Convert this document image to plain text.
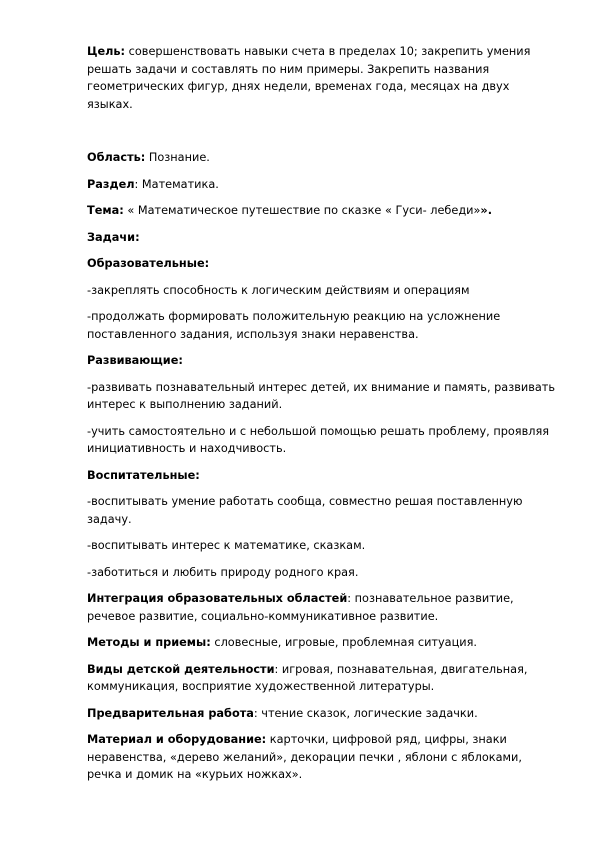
Цель: совершенствовать навыки счета в пределах 10; закрепить умения решать задачи и составлять по ним примеры. Закрепить названия геометрических фигур, днях недели, временах года, месяцах на двух языках.

Область: Познание.

Раздел: Математика.

Тема: « Математическое путешествие по сказке « Гуси- лебеди»».

Задачи:

Образовательные:

-закреплять способность к логическим действиям и операциям

-продолжать формировать положительную реакцию на усложнение поставленного задания, используя знаки неравенства.

Развивающие:

-развивать познавательный интерес детей, их внимание и память, развивать интерес к выполнению заданий.

-учить самостоятельно и с небольшой помощью решать проблему, проявляя инициативность и находчивость.

Воспитательные:

-воспитывать умение работать сообща, совместно решая поставленную задачу.

-воспитывать интерес к математике, сказкам.

-заботиться и любить природу родного края.

Интеграция образовательных областей: познавательное развитие, речевое развитие, социально-коммуникативное развитие.

Методы и приемы: словесные, игровые, проблемная ситуация.

Виды детской деятельности: игровая, познавательная, двигательная, коммуникация, восприятие художественной литературы.

Предварительная работа: чтение сказок, логические задачки.

Материал и оборудование: карточки, цифровой ряд, цифры, знаки неравенства, «дерево желаний», декорации печки , яблони с яблоками, речка и домик на «курьих ножках».
